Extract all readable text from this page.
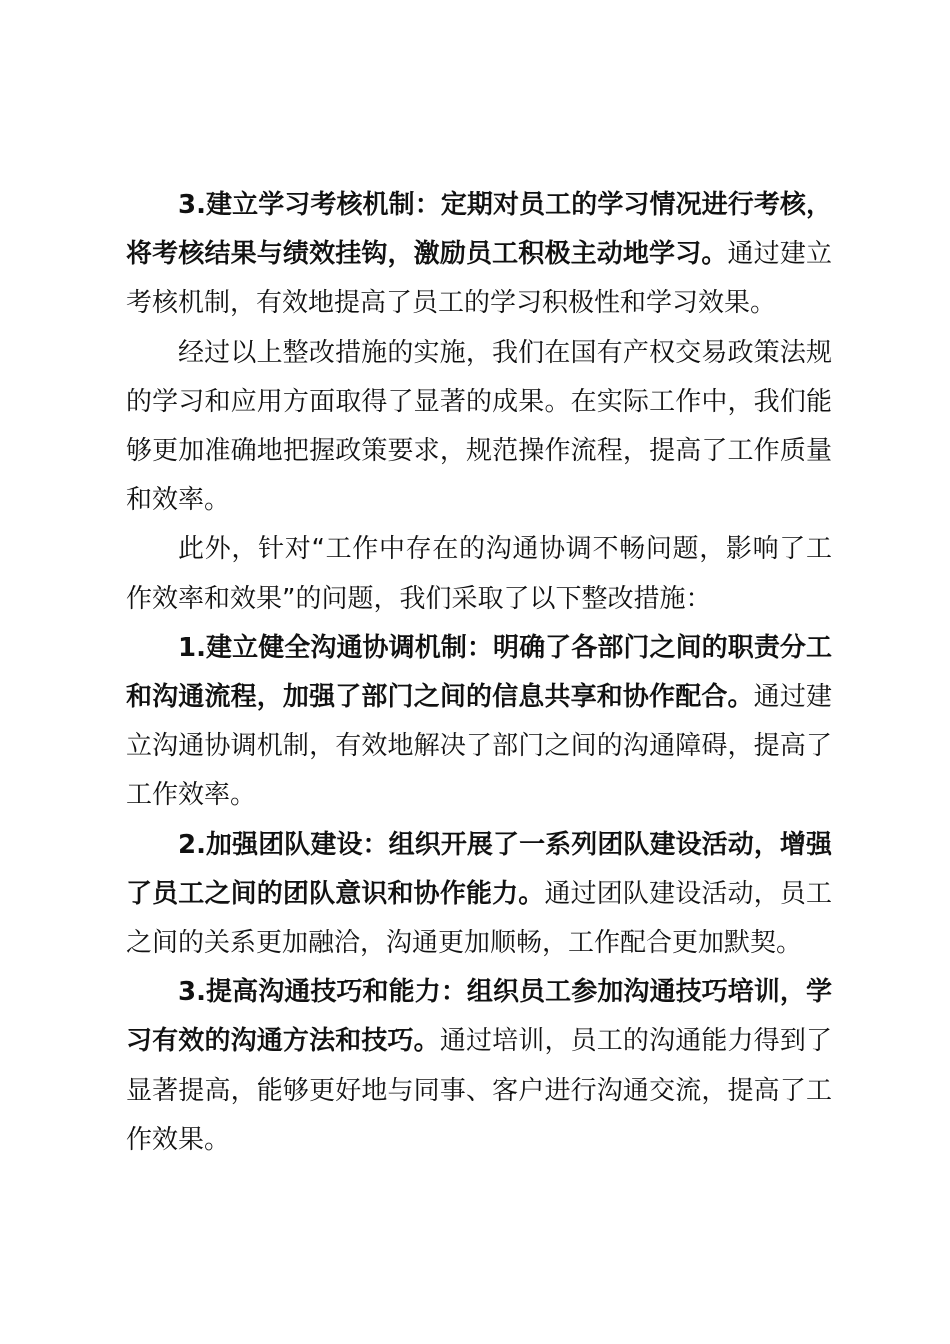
3.建立学习考核机制：定期对员工的学习情况进行考核，将考核结果与绩效挂钩，激励员工积极主动地学习。通过建立考核机制，有效地提高了员工的学习积极性和学习效果。

经过以上整改措施的实施，我们在国有产权交易政策法规的学习和应用方面取得了显著的成果。在实际工作中，我们能够更加准确地把握政策要求，规范操作流程，提高了工作质量和效率。

此外，针对“工作中存在的沟通协调不畅问题，影响了工作效率和效果”的问题，我们采取了以下整改措施：

1.建立健全沟通协调机制：明确了各部门之间的职责分工和沟通流程，加强了部门之间的信息共享和协作配合。通过建立沟通协调机制，有效地解决了部门之间的沟通障碍，提高了工作效率。

2.加强团队建设：组织开展了一系列团队建设活动，增强了员工之间的团队意识和协作能力。通过团队建设活动，员工之间的关系更加融洽，沟通更加顺畅，工作配合更加默契。

3.提高沟通技巧和能力：组织员工参加沟通技巧培训，学习有效的沟通方法和技巧。通过培训，员工的沟通能力得到了显著提高，能够更好地与同事、客户进行沟通交流，提高了工作效果。
